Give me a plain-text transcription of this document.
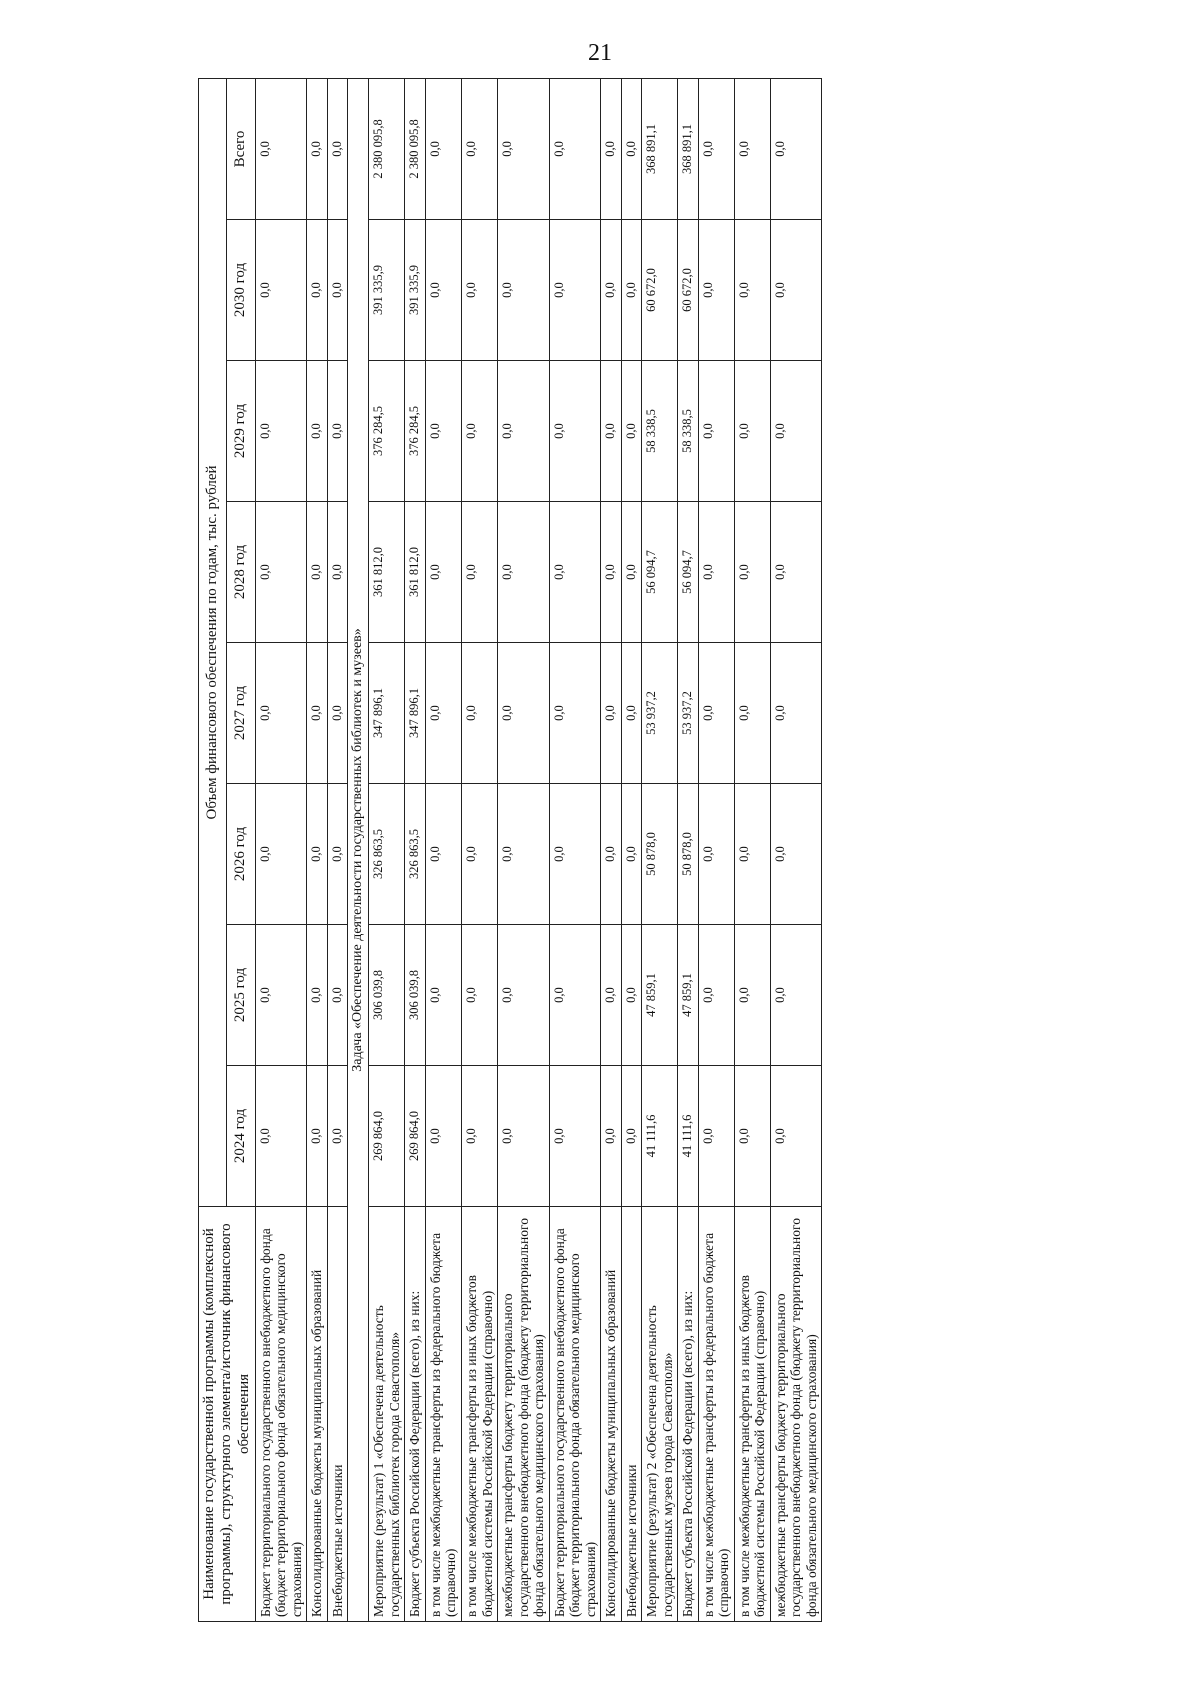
21
Наименование государственной программы (комплексной программы), структурного элемента/источник финансового обеспечения	Объем финансового обеспечения по годам, тыс. рублей							
	2024 год	2025 год	2026 год	2027 год	2028 год	2029 год	2030 год	Всего
Бюджет территориального государственного внебюджетного фонда (бюджет территориального фонда обязательного медицинского страхования)	0,0	0,0	0,0	0,0	0,0	0,0	0,0	0,0
Консолидированные бюджеты муниципальных образований	0,0	0,0	0,0	0,0	0,0	0,0	0,0	0,0
Внебюджетные источники	0,0	0,0	0,0	0,0	0,0	0,0	0,0	0,0
Задача «Обеспечение деятельности государственных библиотек и музеев»								
Мероприятие (результат) 1 «Обеспечена деятельность государственных библиотек города Севастополя»	269 864,0	306 039,8	326 863,5	347 896,1	361 812,0	376 284,5	391 335,9	2 380 095,8
Бюджет субъекта Российской Федерации (всего), из них:	269 864,0	306 039,8	326 863,5	347 896,1	361 812,0	376 284,5	391 335,9	2 380 095,8
в том числе межбюджетные трансферты из федерального бюджета (справочно)	0,0	0,0	0,0	0,0	0,0	0,0	0,0	0,0
в том числе межбюджетные трансферты из иных бюджетов бюджетной системы Российской Федерации (справочно)	0,0	0,0	0,0	0,0	0,0	0,0	0,0	0,0
межбюджетные трансферты бюджету территориального государственного внебюджетного фонда (бюджету территориального фонда обязательного медицинского страхования)	0,0	0,0	0,0	0,0	0,0	0,0	0,0	0,0
Бюджет территориального государственного внебюджетного фонда (бюджет территориального фонда обязательного медицинского страхования)	0,0	0,0	0,0	0,0	0,0	0,0	0,0	0,0
Консолидированные бюджеты муниципальных образований	0,0	0,0	0,0	0,0	0,0	0,0	0,0	0,0
Внебюджетные источники	0,0	0,0	0,0	0,0	0,0	0,0	0,0	0,0
Мероприятие (результат) 2 «Обеспечена деятельность государственных музеев города Севастополя»	41 111,6	47 859,1	50 878,0	53 937,2	56 094,7	58 338,5	60 672,0	368 891,1
Бюджет субъекта Российской Федерации (всего), из них:	41 111,6	47 859,1	50 878,0	53 937,2	56 094,7	58 338,5	60 672,0	368 891,1
в том числе межбюджетные трансферты из федерального бюджета (справочно)	0,0	0,0	0,0	0,0	0,0	0,0	0,0	0,0
в том числе межбюджетные трансферты из иных бюджетов бюджетной системы Российской Федерации (справочно)	0,0	0,0	0,0	0,0	0,0	0,0	0,0	0,0
межбюджетные трансферты бюджету территориального государственного внебюджетного фонда (бюджету территориального фонда обязательного медицинского страхования)	0,0	0,0	0,0	0,0	0,0	0,0	0,0	0,0
